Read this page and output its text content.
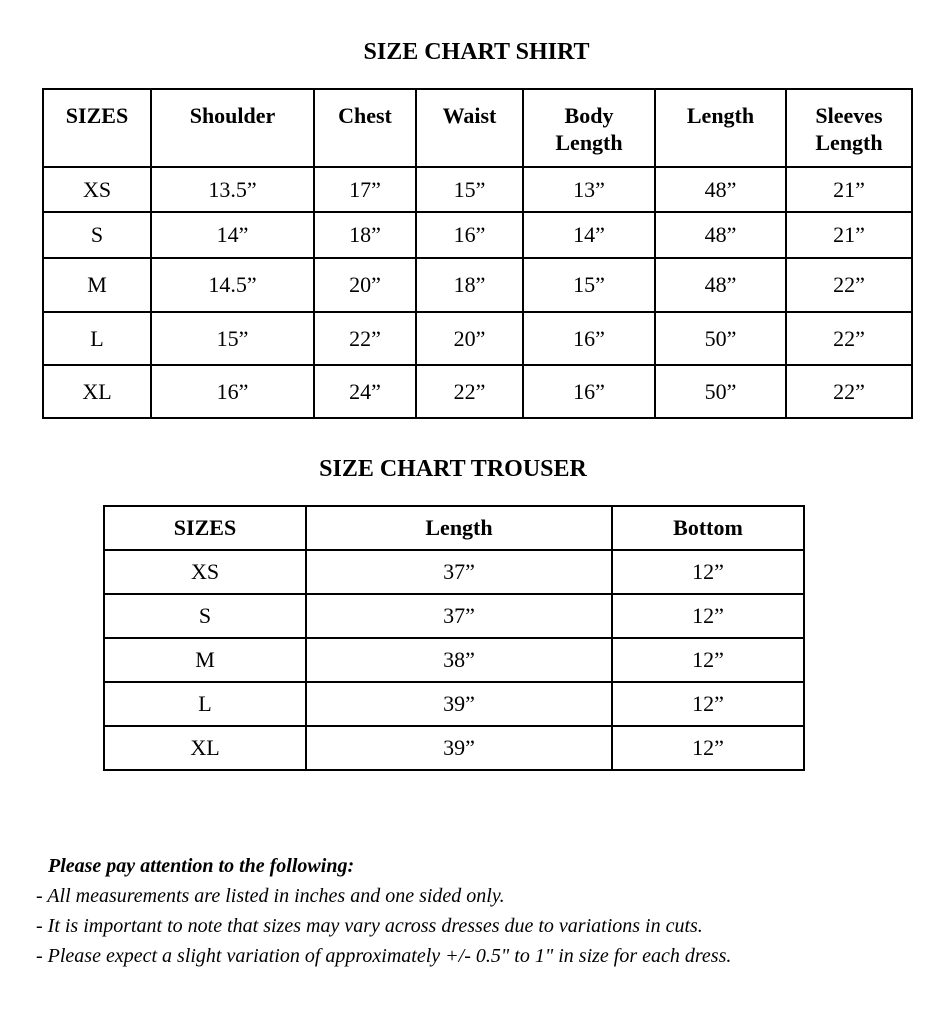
SIZE CHART SHIRT
SIZES	Shoulder	Chest	Waist	Body Length	Length	Sleeves Length
XS	13.5”	17”	15”	13”	48”	21”
S	14”	18”	16”	14”	48”	21”
M	14.5”	20”	18”	15”	48”	22”
L	15”	22”	20”	16”	50”	22”
XL	16”	24”	22”	16”	50”	22”
SIZE CHART TROUSER
SIZES	Length	Bottom
XS	37”	12”
S	37”	12”
M	38”	12”
L	39”	12”
XL	39”	12”
Please pay attention to the following:
- All measurements are listed in inches and one sided only.
- It is important to note that sizes may vary across dresses due to variations in cuts.
- Please expect a slight variation of approximately +/- 0.5" to 1" in size for each dress.
